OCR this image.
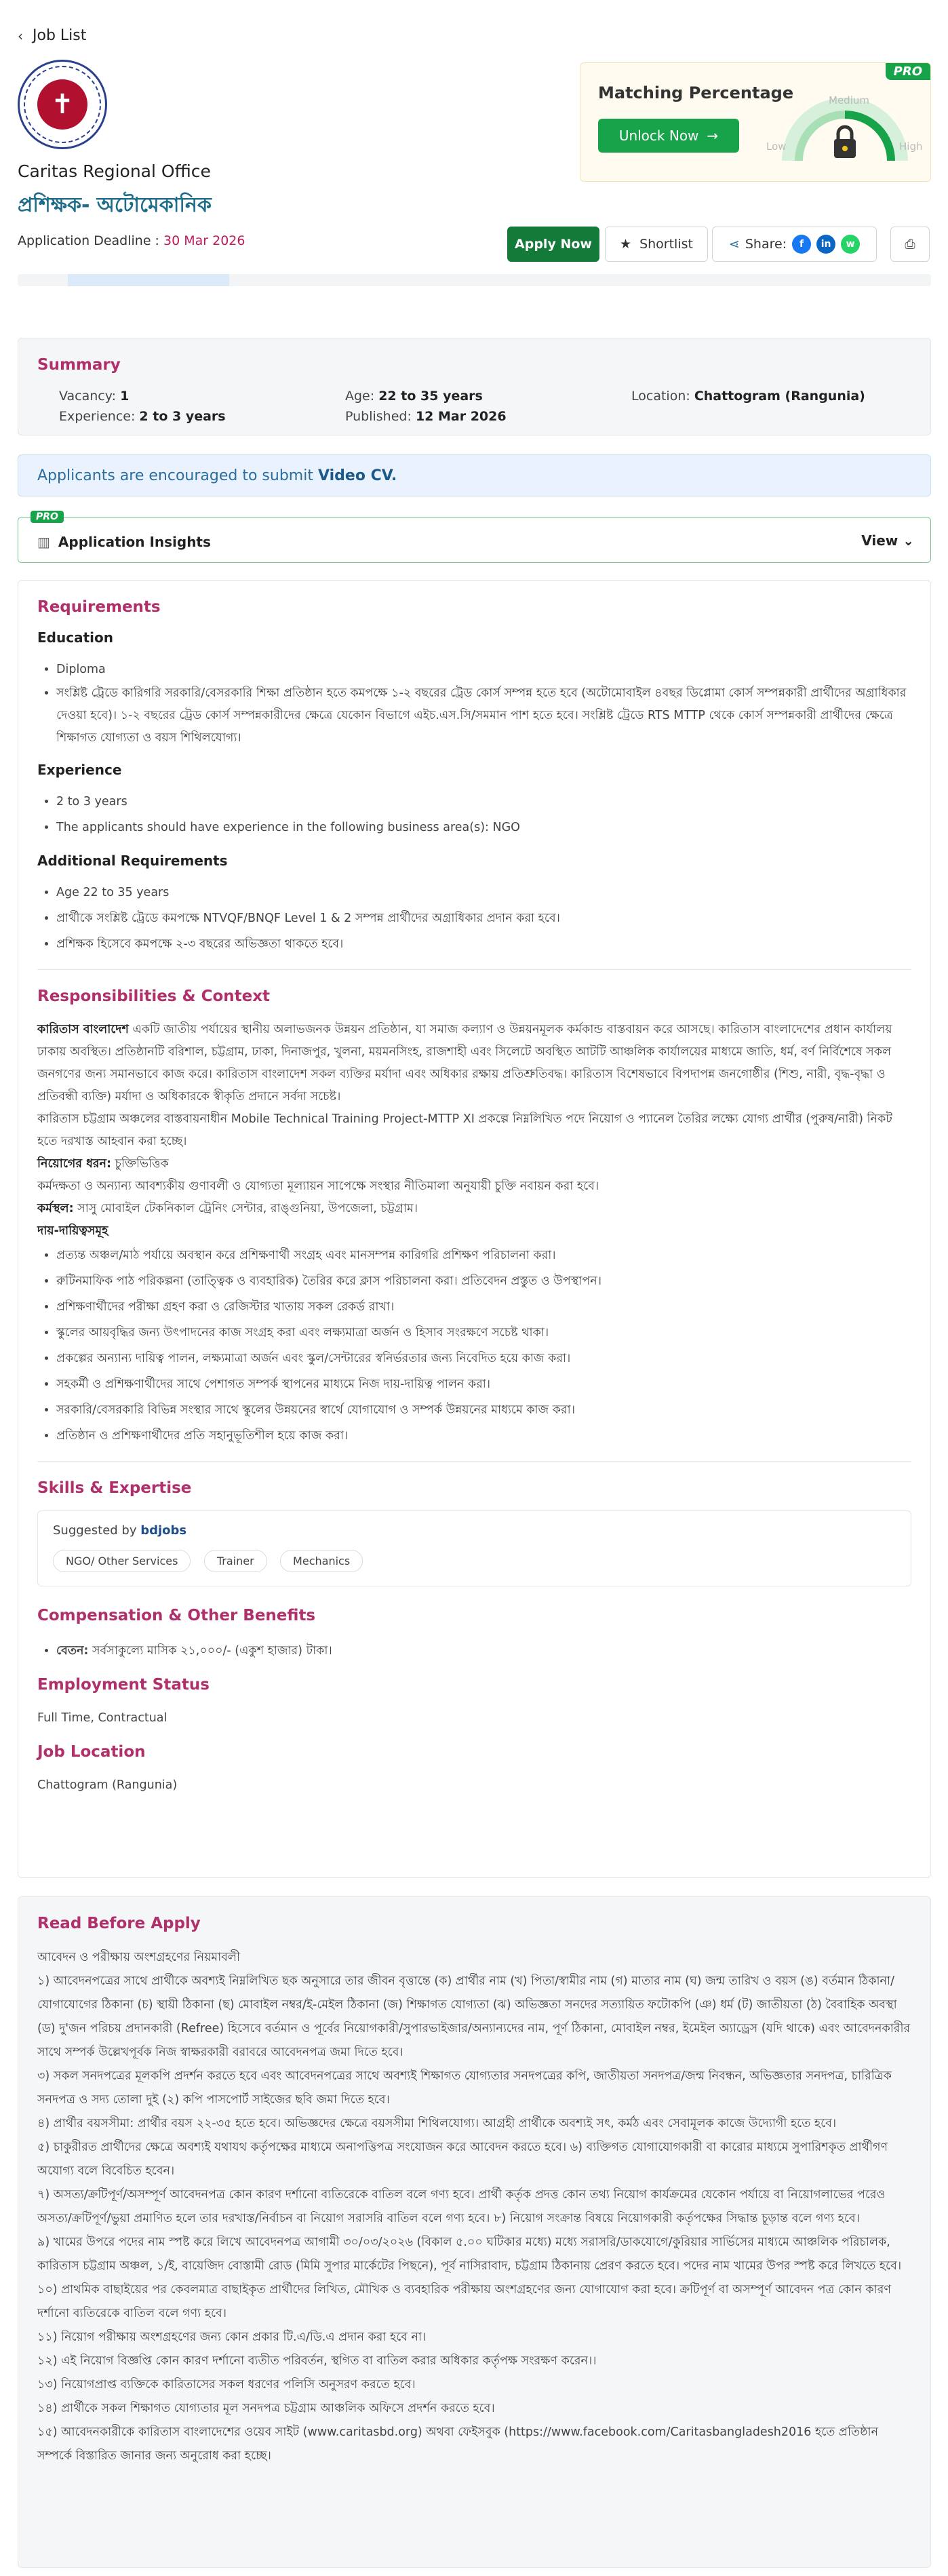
‹ Job List
✝
Caritas Regional Office
প্রশিক্ষক- অটোমেকানিক
Application Deadline : 30 Mar 2026
PRO
Matching Percentage
Unlock Now →
Low
Medium
High
Apply Now	★ Shortlist	⋖ Share:	f	in	w	⎙
Summary
Vacancy: 1	Age: 22 to 35 years	Location: Chattogram (Rangunia)
Experience: 2 to 3 years	Published: 12 Mar 2026
Applicants are encouraged to submit Video CV.
PRO
▥ Application Insights	View ⌄
Requirements
Education
• Diploma
• সংশ্লিষ্ট ট্রেডে কারিগরি সরকারি/বেসরকারি শিক্ষা প্রতিষ্ঠান হতে কমপক্ষে ১-২ বছরের ট্রেড কোর্স সম্পন্ন হতে হবে (অটোমোবাইল ৪বছর ডিপ্লোমা কোর্স সম্পন্নকারী প্রার্থীদের অগ্রাধিকার দেওয়া হবে)। ১-২ বছরের ট্রেড কোর্স সম্পন্নকারীদের ক্ষেত্রে যেকোন বিভাগে এইচ.এস.সি/সমমান পাশ হতে হবে। সংশ্লিষ্ট ট্রেডে RTS MTTP থেকে কোর্স সম্পন্নকারী প্রার্থীদের ক্ষেত্রে শিক্ষাগত যোগ্যতা ও বয়স শিথিলযোগ্য।
Experience
• 2 to 3 years
• The applicants should have experience in the following business area(s): NGO
Additional Requirements
• Age 22 to 35 years
• প্রার্থীকে সংশ্লিষ্ট ট্রেডে কমপক্ষে NTVQF/BNQF Level 1 & 2 সম্পন্ন প্রার্থীদের অগ্রাধিকার প্রদান করা হবে।
• প্রশিক্ষক হিসেবে কমপক্ষে ২-৩ বছরের অভিজ্ঞতা থাকতে হবে।
Responsibilities & Context
কারিতাস বাংলাদেশ একটি জাতীয় পর্যায়ের স্থানীয় অলাভজনক উন্নয়ন প্রতিষ্ঠান, যা সমাজ কল্যাণ ও উন্নয়নমূলক কর্মকান্ড বাস্তবায়ন করে আসছে। কারিতাস বাংলাদেশের প্রধান কার্যালয় ঢাকায় অবস্থিত। প্রতিষ্ঠানটি বরিশাল, চট্টগ্রাম, ঢাকা, দিনাজপুর, খুলনা, ময়মনসিংহ, রাজশাহী এবং সিলেটে অবস্থিত আটটি আঞ্চলিক কার্যালয়ের মাধ্যমে জাতি, ধর্ম, বর্ণ নির্বিশেষে সকল জনগণের জন্য সমানভাবে কাজ করে। কারিতাস বাংলাদেশ সকল ব্যক্তির মর্যাদা এবং অধিকার রক্ষায় প্রতিশ্রুতিবদ্ধ। কারিতাস বিশেষভাবে বিপদাপন্ন জনগোষ্ঠীর (শিশু, নারী, বৃদ্ধ-বৃদ্ধা ও প্রতিবন্ধী ব্যক্তি) মর্যাদা ও অধিকারকে স্বীকৃতি প্রদানে সর্বদা সচেষ্ট।
কারিতাস চট্টগ্রাম অঞ্চলের বাস্তবায়নাধীন Mobile Technical Training Project-MTTP XI প্রকল্পে নিম্নলিখিত পদে নিয়োগ ও প্যানেল তৈরির লক্ষ্যে যোগ্য প্রার্থীর (পুরুষ/নারী) নিকট হতে দরখাস্ত আহবান করা হচ্ছে।
নিয়োগের ধরন: চুক্তিভিত্তিক
কর্মদক্ষতা ও অন্যান্য আবশ্যকীয় গুণাবলী ও যোগ্যতা মূল্যায়ন সাপেক্ষে সংস্থার নীতিমালা অনুযায়ী চুক্তি নবায়ন করা হবে।
কর্মস্থল: সাসু মোবাইল টেকনিকাল ট্রেনিং সেন্টার, রাঙ্গুনিয়া, উপজেলা, চট্টগ্রাম।
দায়-দায়িত্বসমূহ
• প্রত্যন্ত অঞ্চল/মাঠ পর্যায়ে অবস্থান করে প্রশিক্ষণার্থী সংগ্রহ এবং মানসম্পন্ন কারিগরি প্রশিক্ষণ পরিচালনা করা।
• রুটিনমাফিক পাঠ পরিকল্পনা (তাত্ত্বিক ও ব্যবহারিক) তৈরির করে ক্লাস পরিচালনা করা। প্রতিবেদন প্রস্তুত ও উপস্থাপন।
• প্রশিক্ষণার্থীদের পরীক্ষা গ্রহণ করা ও রেজিস্টার খাতায় সকল রেকর্ড রাখা।
• স্কুলের আয়বৃদ্ধির জন্য উৎপাদনের কাজ সংগ্রহ করা এবং লক্ষ্যমাত্রা অর্জন ও হিসাব সংরক্ষণে সচেষ্ট থাকা।
• প্রকল্পের অন্যান্য দায়িত্ব পালন, লক্ষ্যমাত্রা অর্জন এবং স্কুল/সেন্টারের স্বনির্ভরতার জন্য নিবেদিত হয়ে কাজ করা।
• সহকর্মী ও প্রশিক্ষণার্থীদের সাথে পেশাগত সম্পর্ক স্থাপনের মাধ্যমে নিজ দায়-দায়িত্ব পালন করা।
• সরকারি/বেসরকারি বিভিন্ন সংস্থার সাথে স্কুলের উন্নয়নের স্বার্থে যোগাযোগ ও সম্পর্ক উন্নয়নের মাধ্যমে কাজ করা।
• প্রতিষ্ঠান ও প্রশিক্ষণার্থীদের প্রতি সহানুভূতিশীল হয়ে কাজ করা।
Skills & Expertise
Suggested by bdjobs
NGO/ Other Services	Trainer	Mechanics
Compensation & Other Benefits
• বেতন: সর্বসাকুল্যে মাসিক ২১,০০০/- (একুশ হাজার) টাকা।
Employment Status
Full Time, Contractual
Job Location
Chattogram (Rangunia)
Read Before Apply
আবেদন ও পরীক্ষায় অংশগ্রহণের নিয়মাবলী
১) আবেদনপত্রের সাথে প্রার্থীকে অবশ্যই নিম্নলিখিত ছক অনুসারে তার জীবন বৃত্তান্তে (ক) প্রার্থীর নাম (খ) পিতা/স্বামীর নাম (গ) মাতার নাম (ঘ) জন্ম তারিখ ও বয়স (ঙ) বর্তমান ঠিকানা/যোগাযোগের ঠিকানা (চ) স্থায়ী ঠিকানা (ছ) মোবাইল নম্বর/ই-মেইল ঠিকানা (জ) শিক্ষাগত যোগ্যতা (ঝ) অভিজ্ঞতা সনদের সত্যায়িত ফটোকপি (ঞ) ধর্ম (ট) জাতীয়তা (ঠ) বৈবাহিক অবস্থা (ড) দু'জন পরিচয় প্রদানকারী (Refree) হিসেবে বর্তমান ও পূর্বের নিয়োগকারী/সুপারভাইজার/অন্যান্যদের নাম, পূর্ণ ঠিকানা, মোবাইল নম্বর, ইমেইল অ্যাড্রেস (যদি থাকে) এবং আবেদনকারীর সাথে সম্পর্ক উল্লেখপূর্বক নিজ স্বাক্ষরকারী বরাবরে আবেদনপত্র জমা দিতে হবে।
৩) সকল সনদপত্রের মূলকপি প্রদর্শন করতে হবে এবং আবেদনপত্রের সাথে অবশ্যই শিক্ষাগত যোগ্যতার সনদপত্রের কপি, জাতীয়তা সনদপত্র/জন্ম নিবন্ধন, অভিজ্ঞতার সনদপত্র, চারিত্রিক সনদপত্র ও সদ্য তোলা দুই (২) কপি পাসপোর্ট সাইজের ছবি জমা দিতে হবে।
৪) প্রার্থীর বয়সসীমা: প্রার্থীর বয়স ২২-৩৫ হতে হবে। অভিজ্ঞদের ক্ষেত্রে বয়সসীমা শিথিলযোগ্য। আগ্রহী প্রার্থীকে অবশ্যই সৎ, কর্মঠ এবং সেবামূলক কাজে উদ্যোগী হতে হবে।
৫) চাকুরীরত প্রার্থীদের ক্ষেত্রে অবশ্যই যথাযথ কর্তৃপক্ষের মাধ্যমে অনাপত্তিপত্র সংযোজন করে আবেদন করতে হবে। ৬) ব্যক্তিগত যোগাযোগকারী বা কারোর মাধ্যমে সুপারিশকৃত প্রার্থীগণ অযোগ্য বলে বিবেচিত হবেন।
৭) অসত্য/ক্রটিপূর্ণ/অসম্পূর্ণ আবেদনপত্র কোন কারণ দর্শানো ব্যতিরেকে বাতিল বলে গণ্য হবে। প্রার্থী কর্তৃক প্রদত্ত কোন তথ্য নিয়োগ কার্যক্রমের যেকোন পর্যায়ে বা নিয়োগলাভের পরেও অসত্য/ক্রটিপূর্ণ/ভুয়া প্রমাণিত হলে তার দরখাস্ত/নির্বাচন বা নিয়োগ সরাসরি বাতিল বলে গণ্য হবে। ৮) নিয়োগ সংক্রান্ত বিষয়ে নিয়োগকারী কর্তৃপক্ষের সিদ্ধান্ত চূড়ান্ত বলে গণ্য হবে।
৯) খামের উপরে পদের নাম স্পষ্ট করে লিখে আবেদনপত্র আগামী ৩০/০৩/২০২৬ (বিকাল ৫.০০ ঘটিকার মধ্যে) মধ্যে সরাসরি/ডাকযোগে/কুরিয়ার সার্ভিসের মাধ্যমে আঞ্চলিক পরিচালক, কারিতাস চট্টগ্রাম অঞ্চল, ১/ই, বায়েজিদ বোস্তামী রোড (মিমি সুপার মার্কেটের পিছনে), পূর্ব নাসিরাবাদ, চট্টগ্রাম ঠিকানায় প্রেরণ করতে হবে। পদের নাম খামের উপর স্পষ্ট করে লিখতে হবে।
১০) প্রাথমিক বাছাইয়ের পর কেবলমাত্র বাছাইকৃত প্রার্থীদের লিখিত, মৌখিক ও ব্যবহারিক পরীক্ষায় অংশগ্রহণের জন্য যোগাযোগ করা হবে। ক্রটিপূর্ণ বা অসম্পূর্ণ আবেদন পত্র কোন কারণ দর্শানো ব্যতিরেকে বাতিল বলে গণ্য হবে।
১১) নিয়োগ পরীক্ষায় অংশগ্রহণের জন্য কোন প্রকার টি.এ/ডি.এ প্রদান করা হবে না।
১২) এই নিয়োগ বিজ্ঞপ্তি কোন কারণ দর্শানো ব্যতীত পরিবর্তন, স্থগিত বা বাতিল করার অধিকার কর্তৃপক্ষ সংরক্ষণ করেন।।
১৩) নিয়োগপ্রাপ্ত ব্যক্তিকে কারিতাসের সকল ধরণের পলিসি অনুসরণ করতে হবে।
১৪) প্রার্থীকে সকল শিক্ষাগত যোগ্যতার মূল সনদপত্র চট্টগ্রাম আঞ্চলিক অফিসে প্রদর্শন করতে হবে।
১৫) আবেদনকারীকে কারিতাস বাংলাদেশের ওয়েব সাইট (www.caritasbd.org) অথবা ফেইসবুক (https://www.facebook.com/Caritasbangladesh2016 হতে প্রতিষ্ঠান সম্পর্কে বিস্তারিত জানার জন্য অনুরোধ করা হচ্ছে।
